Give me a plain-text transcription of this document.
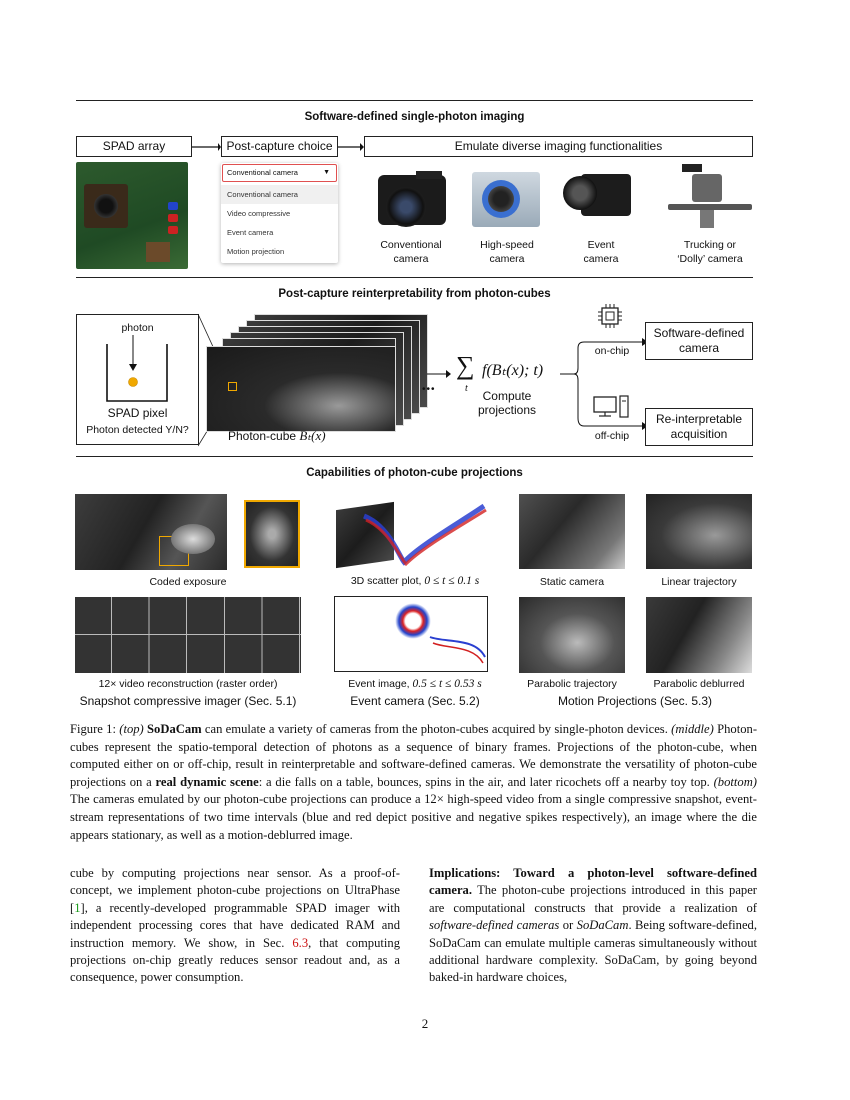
Software-defined single-photon imaging
SPAD array	Post-capture choice	Emulate diverse imaging functionalities
Conventional camera	▼
Conventional camera
Video compressive
Event camera
Motion projection
Conventional
camera
High-speed
camera
Event
camera
Trucking or
‘Dolly’ camera
Post-capture reinterpretability from photon-cubes
photon
SPAD pixel
Photon detected Y/N?
•••
Photon-cube Bₜ(x)
∑
t
f(Bₜ(x); t)
Compute
projections
on-chip
off-chip
Software-defined
camera
Re-interpretable
acquisition
Capabilities of photon-cube projections
Coded exposure	3D scatter plot, 0 ≤ t ≤ 0.1 s	Static camera	Linear trajectory
12× video reconstruction (raster order)	Event image, 0.5 ≤ t ≤ 0.53 s	Parabolic trajectory	Parabolic deblurred
Snapshot compressive imager (Sec. 5.1)	Event camera (Sec. 5.2)	Motion Projections (Sec. 5.3)
Figure 1: (top) SoDaCam can emulate a variety of cameras from the photon-cubes acquired by single-photon devices. (middle) Photon-cubes represent the spatio-temporal detection of photons as a sequence of binary frames. Projections of the photon-cube, when computed either on or off-chip, result in reinterpretable and software-defined cameras. We demonstrate the versatility of photon-cube projections on a real dynamic scene: a die falls on a table, bounces, spins in the air, and later ricochets off a nearby toy top. (bottom) The cameras emulated by our photon-cube projections can produce a 12× high-speed video from a single compressive snapshot, event-stream representations of two time intervals (blue and red depict positive and negative spikes respectively), an image where the die appears stationary, as well as a motion-deblurred image.
cube by computing projections near sensor. As a proof-of-concept, we implement photon-cube projections on UltraPhase [1], a recently-developed programmable SPAD imager with independent processing cores that have dedicated RAM and instruction memory. We show, in Sec. 6.3, that computing projections on-chip greatly reduces sensor readout and, as a consequence, power consumption.
Implications: Toward a photon-level software-defined camera. The photon-cube projections introduced in this paper are computational constructs that provide a realization of software-defined cameras or SoDaCam. Being software-defined, SoDaCam can emulate multiple cameras simultaneously without additional hardware complexity. SoDaCam, by going beyond baked-in hardware choices,
2
